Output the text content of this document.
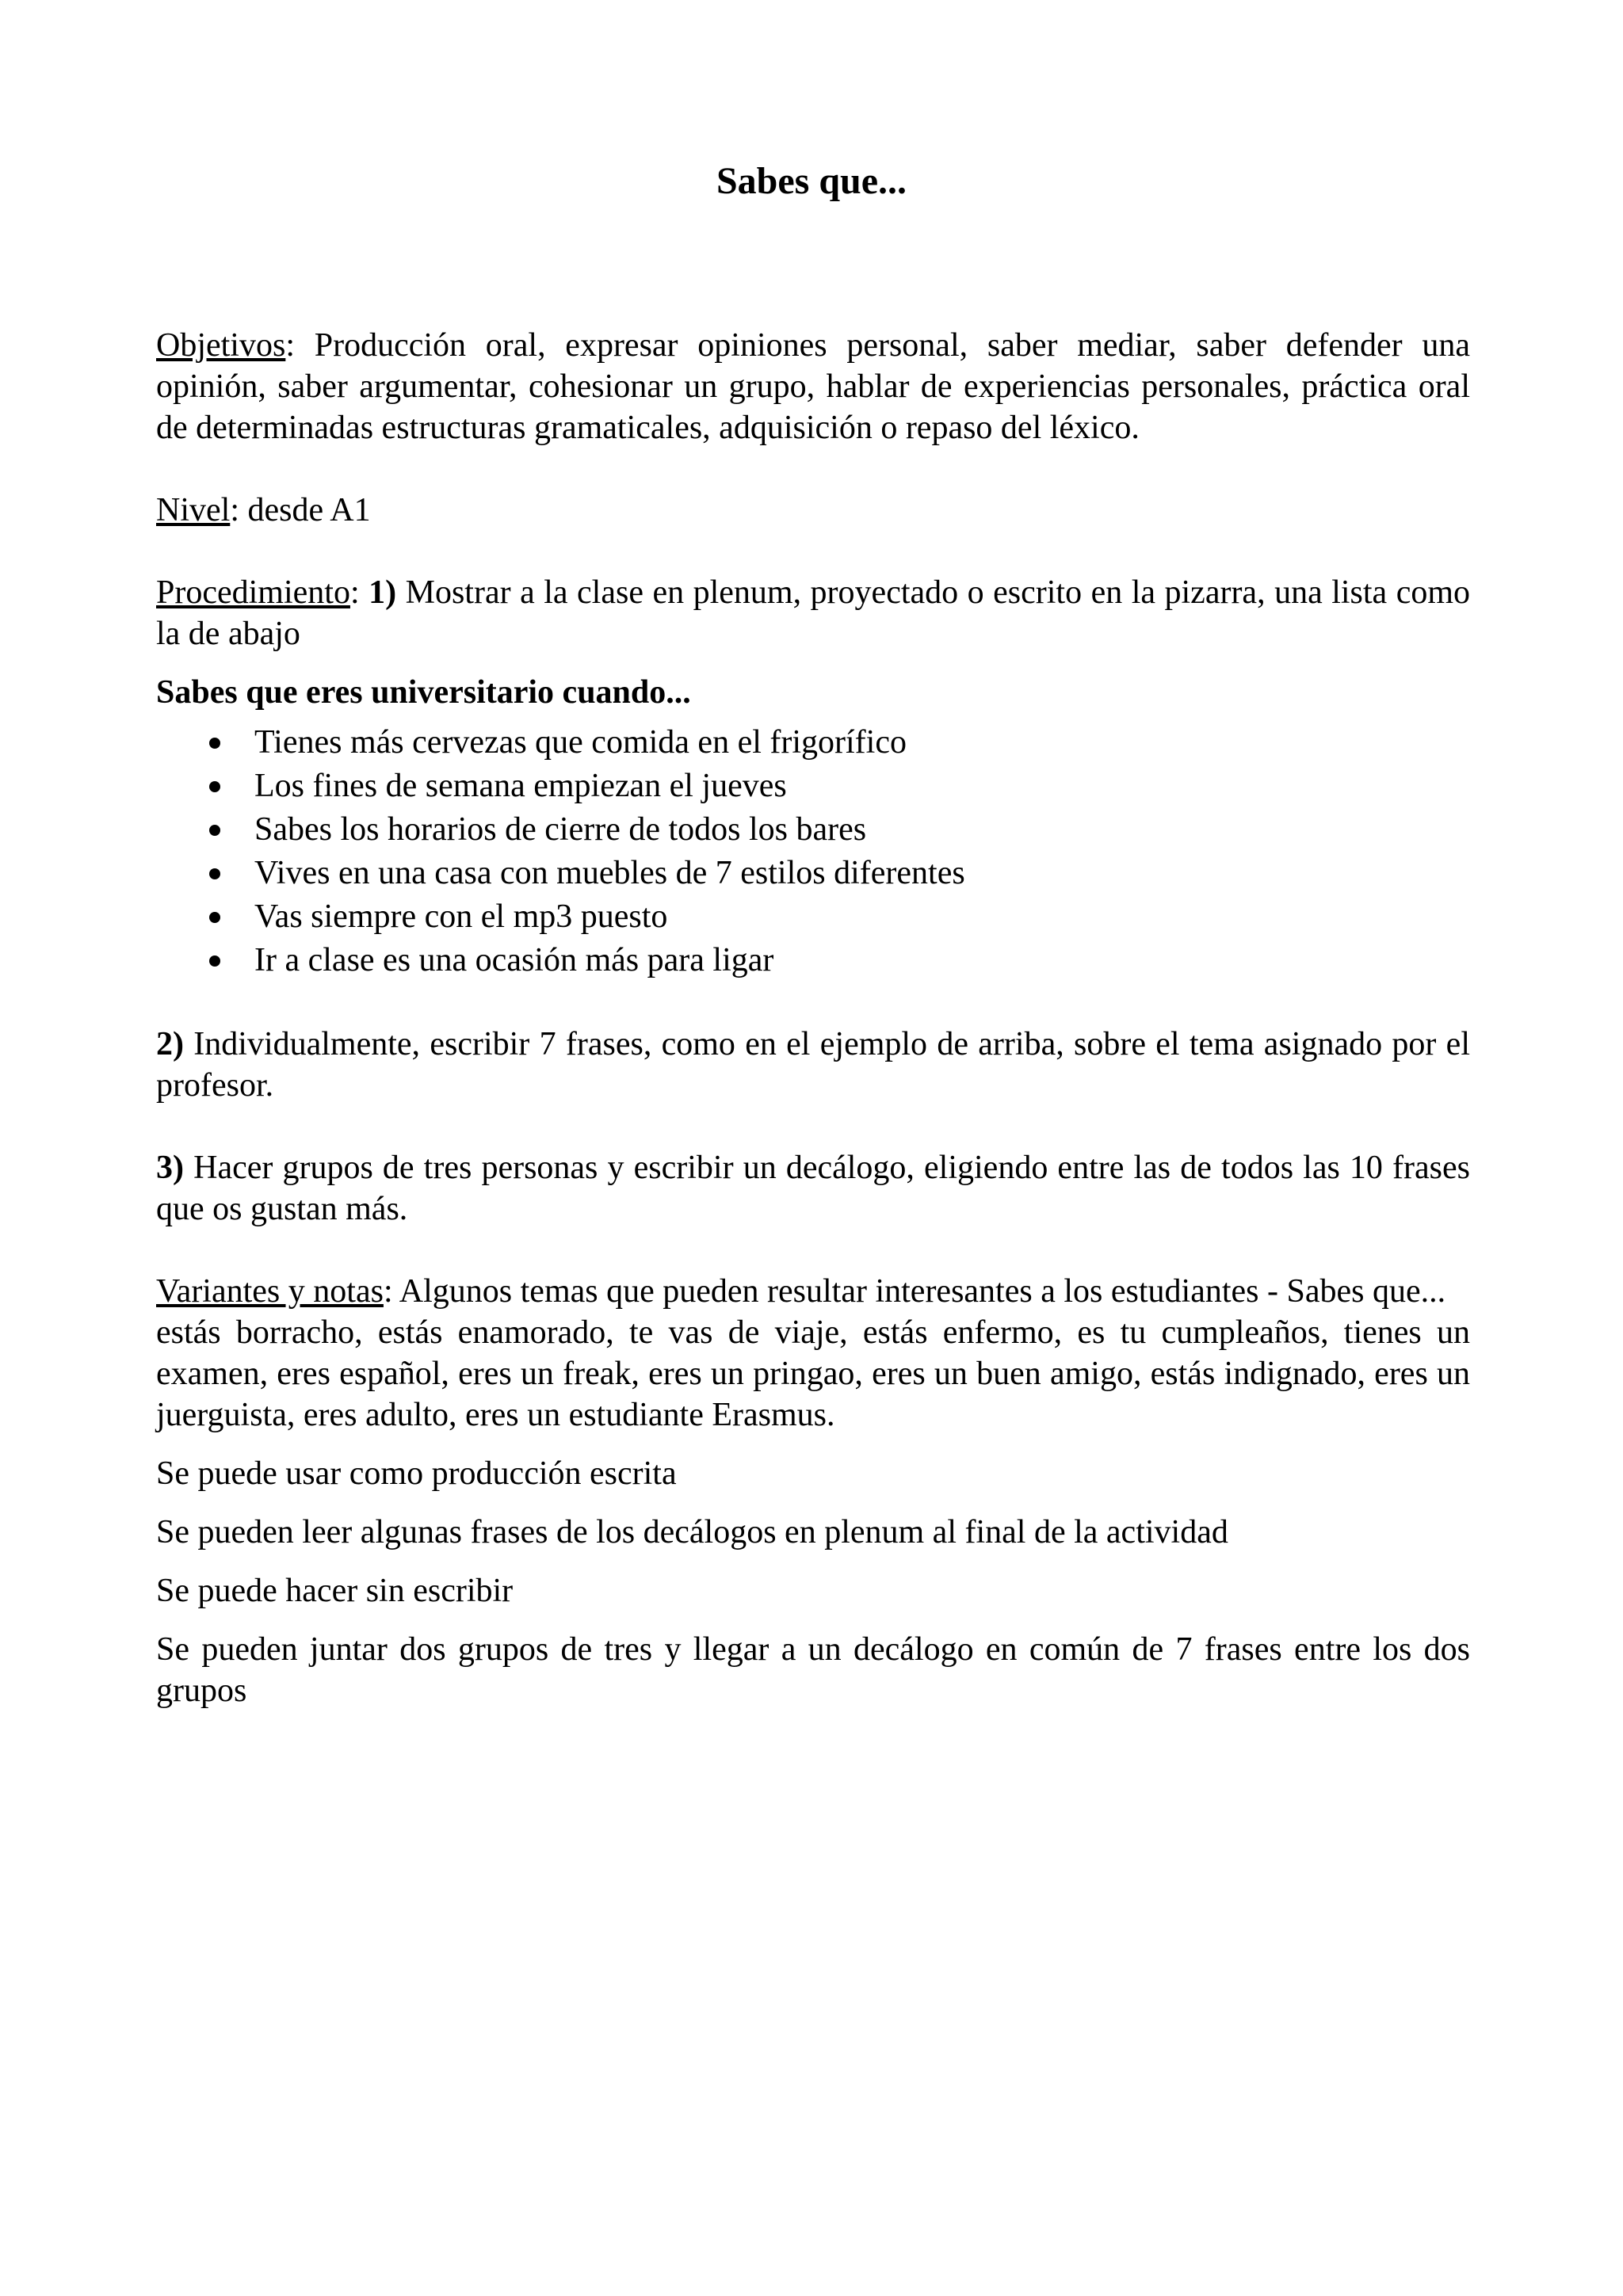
Sabes que...

Objetivos: Producción oral, expresar opiniones personal, saber mediar, saber defender una opinión, saber argumentar, cohesionar un grupo, hablar de experiencias personales, práctica oral de determinadas estructuras gramaticales, adquisición o repaso del léxico.

Nivel: desde A1

Procedimiento: 1) Mostrar a la clase en plenum, proyectado o escrito en la pizarra, una lista como la de abajo

Sabes que eres universitario cuando...

Tienes más cervezas que comida en el frigorífico
Los fines de semana empiezan el jueves
Sabes los horarios de cierre de todos los bares
Vives en una casa con muebles de 7 estilos diferentes
Vas siempre con el mp3 puesto
Ir a clase es una ocasión más para ligar

2) Individualmente, escribir 7 frases, como en el ejemplo de arriba, sobre el tema asignado por el profesor.

3) Hacer grupos de tres personas y escribir un decálogo, eligiendo entre las de todos las 10 frases que os gustan más.

Variantes y notas: Algunos temas que pueden resultar interesantes a los estudiantes - Sabes que...

estás borracho, estás enamorado, te vas de viaje, estás enfermo, es tu cumpleaños, tienes un examen, eres español, eres un freak, eres un pringao, eres un buen amigo, estás indignado, eres un juerguista, eres adulto, eres un estudiante Erasmus.

Se puede usar como producción escrita

Se pueden leer algunas frases de los decálogos en plenum al final de la actividad

Se puede hacer sin escribir

Se pueden juntar dos grupos de tres y llegar a un decálogo en común de 7 frases entre los dos grupos
